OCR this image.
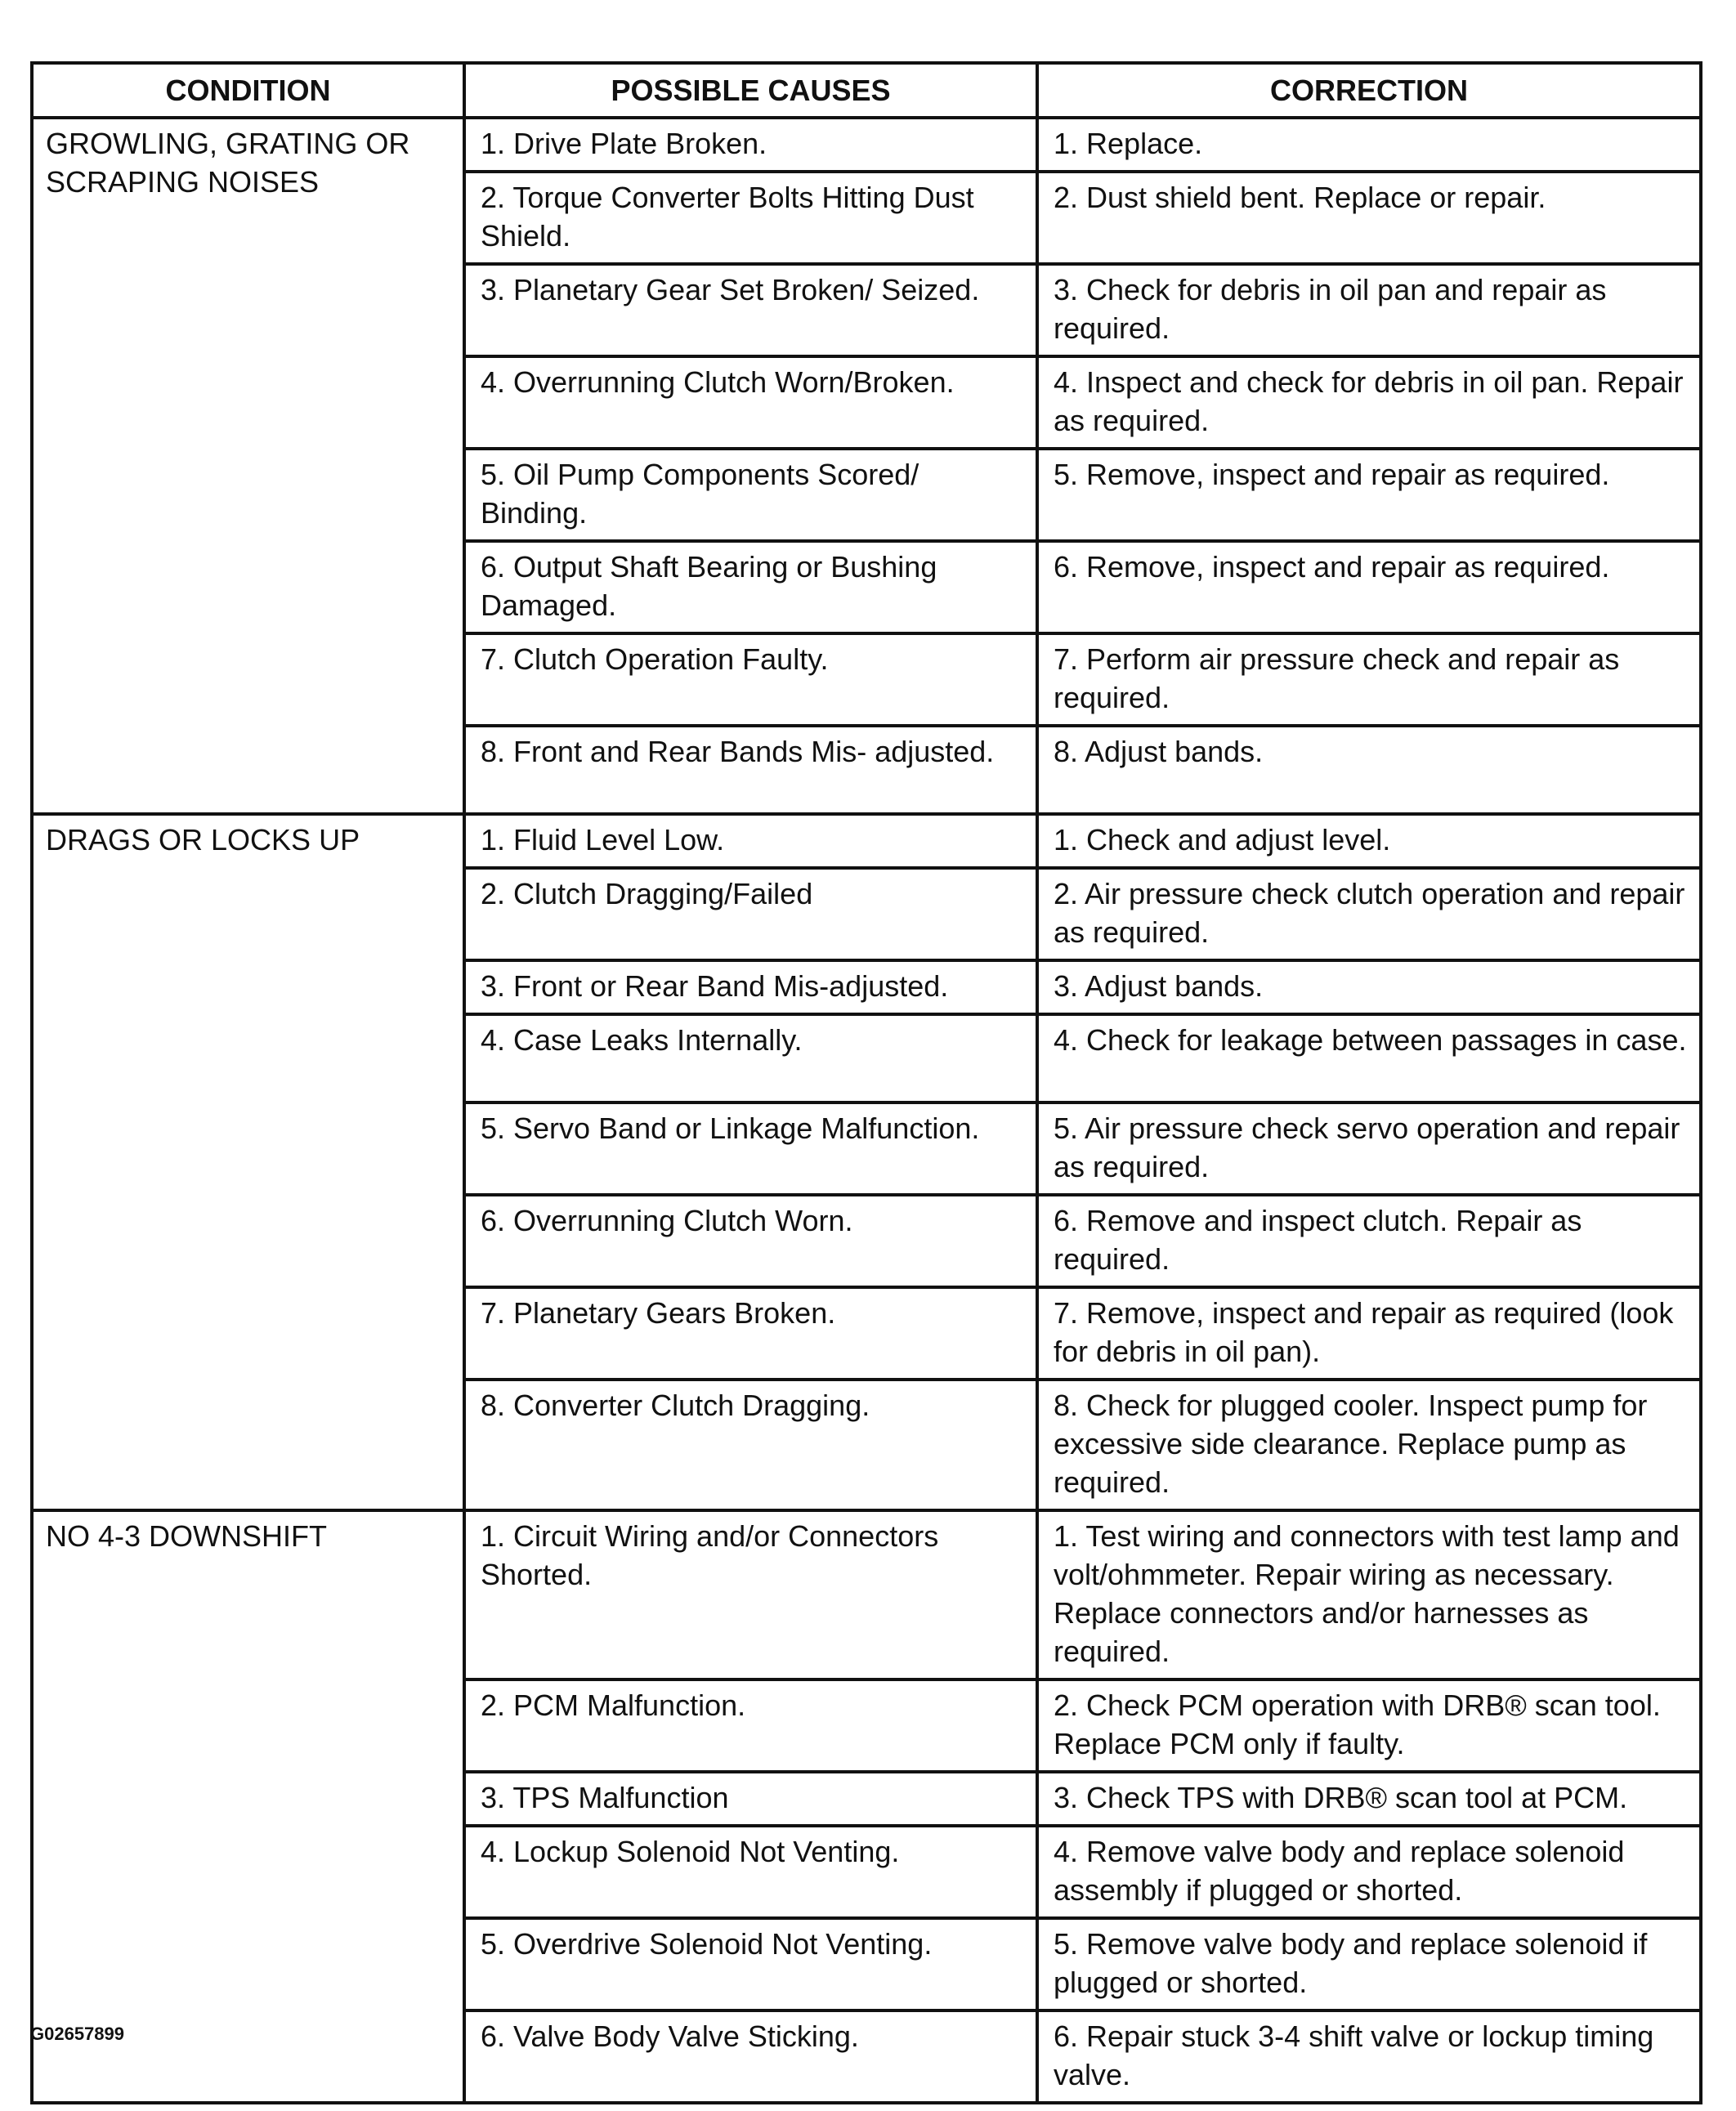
CONDITION	POSSIBLE CAUSES	CORRECTION

GROWLING, GRATING OR SCRAPING NOISES	1. Drive Plate Broken.	1. Replace.

	2. Torque Converter Bolts Hitting Dust Shield.	2. Dust shield bent. Replace or repair.

	3. Planetary Gear Set Broken/ Seized.	3. Check for debris in oil pan and repair as required.

	4. Overrunning Clutch Worn/Broken.	4. Inspect and check for debris in oil pan. Repair as required.

	5. Oil Pump Components Scored/ Binding.	5. Remove, inspect and repair as required.

	6. Output Shaft Bearing or Bushing Damaged.	6. Remove, inspect and repair as required.

	7. Clutch Operation Faulty.	7. Perform air pressure check and repair as required.

	8. Front and Rear Bands Mis- adjusted.	8. Adjust bands.

DRAGS OR LOCKS UP	1. Fluid Level Low.	1. Check and adjust level.

	2. Clutch Dragging/Failed	2. Air pressure check clutch operation and repair as required.

	3. Front or Rear Band Mis-adjusted.	3. Adjust bands.

	4. Case Leaks Internally.	4. Check for leakage between passages in case.

	5. Servo Band or Linkage Malfunction.	5. Air pressure check servo operation and repair as required.

	6. Overrunning Clutch Worn.	6. Remove and inspect clutch. Repair as required.

	7. Planetary Gears Broken.	7. Remove, inspect and repair as required (look for debris in oil pan).

	8. Converter Clutch Dragging.	8. Check for plugged cooler. Inspect pump for excessive side clearance. Replace pump as required.

NO 4-3 DOWNSHIFT	1. Circuit Wiring and/or Connectors Shorted.	1. Test wiring and connectors with test lamp and volt/ohmmeter. Repair wiring as necessary. Replace connectors and/or harnesses as required.

	2. PCM Malfunction.	2. Check PCM operation with DRB® scan tool. Replace PCM only if faulty.

	3. TPS Malfunction	3. Check TPS with DRB® scan tool at PCM.

	4. Lockup Solenoid Not Venting.	4. Remove valve body and replace solenoid assembly if plugged or shorted.

	5. Overdrive Solenoid Not Venting.	5. Remove valve body and replace solenoid if plugged or shorted.

	6. Valve Body Valve Sticking.	6. Repair stuck 3-4 shift valve or lockup timing valve.
G02657899
